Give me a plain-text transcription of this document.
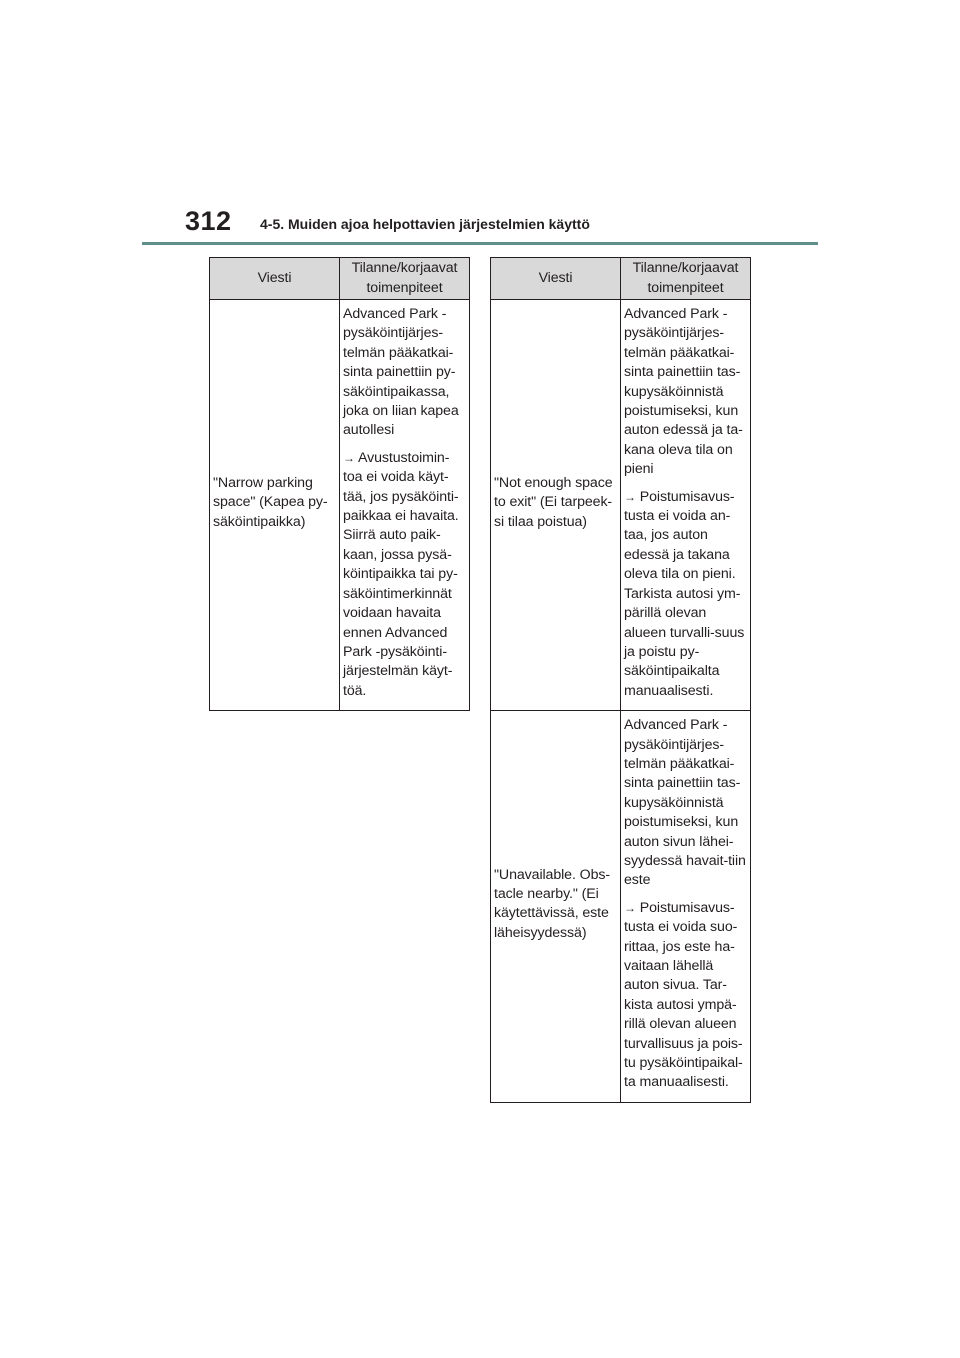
312 4-5. Muiden ajoa helpottavien järjestelmien käyttö
Viesti	Tilanne/korjaavat toimenpiteet
"Narrow parking space" (Kapea py-säköintipaikka)	Advanced Park -pysäköintijärjes-telmän pääkatkai-sinta painettiin py-säköintipaikassa, joka on liian kapea autollesi

→ Avustustoimin-toa ei voida käyt-tää, jos pysäköinti-paikkaa ei havaita. Siirrä auto paik-kaan, jossa pysä-köintipaikka tai py-säköintimerkinnät voidaan havaita ennen Advanced Park -pysäköinti-järjestelmän käyt-töä.

Viesti	Tilanne/korjaavat toimenpiteet
"Not enough space to exit" (Ei tarpeek-si tilaa poistua)	Advanced Park -pysäköintijärjes-telmän pääkatkai-sinta painettiin tas-kupysäköinnistä poistumiseksi, kun auton edessä ja ta-kana oleva tila on pieni

→ Poistumisavus-tusta ei voida an-taa, jos auton edessä ja takana oleva tila on pieni. Tarkista autosi ym-pärillä olevan alueen turvalli-suus ja poistu py-säköintipaikalta manuaalisesti.

"Unavailable. Obs-tacle nearby." (Ei käytettävissä, este läheisyydessä)	Advanced Park -pysäköintijärjes-telmän pääkatkai-sinta painettiin tas-kupysäköinnistä poistumiseksi, kun auton sivun lähei-syydessä havait-tiin este

→ Poistumisavus-tusta ei voida suo-rittaa, jos este ha-vaitaan lähellä auton sivua. Tar-kista autosi ympä-rillä olevan alueen turvallisuus ja pois-tu pysäköintipaikal-ta manuaalisesti.
